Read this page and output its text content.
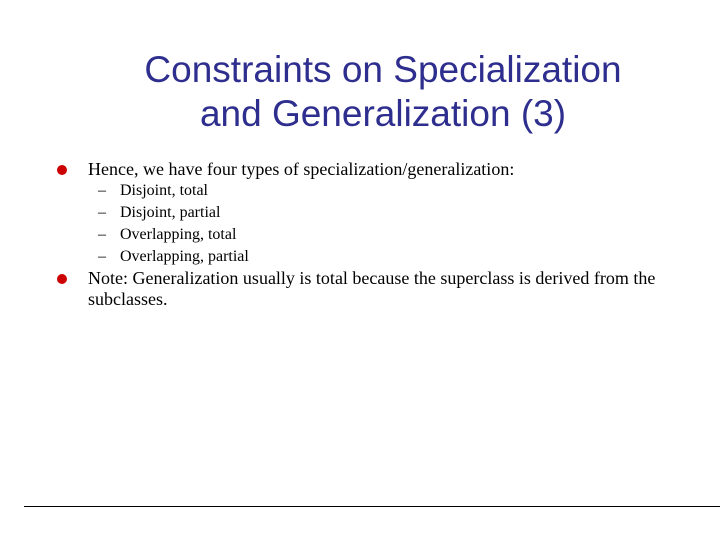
Constraints on Specialization
and Generalization (3)
Hence, we have four types of specialization/generalization:
– Disjoint, total
– Disjoint, partial
– Overlapping, total
– Overlapping, partial
Note: Generalization usually is total because the superclass is derived from the subclasses.
